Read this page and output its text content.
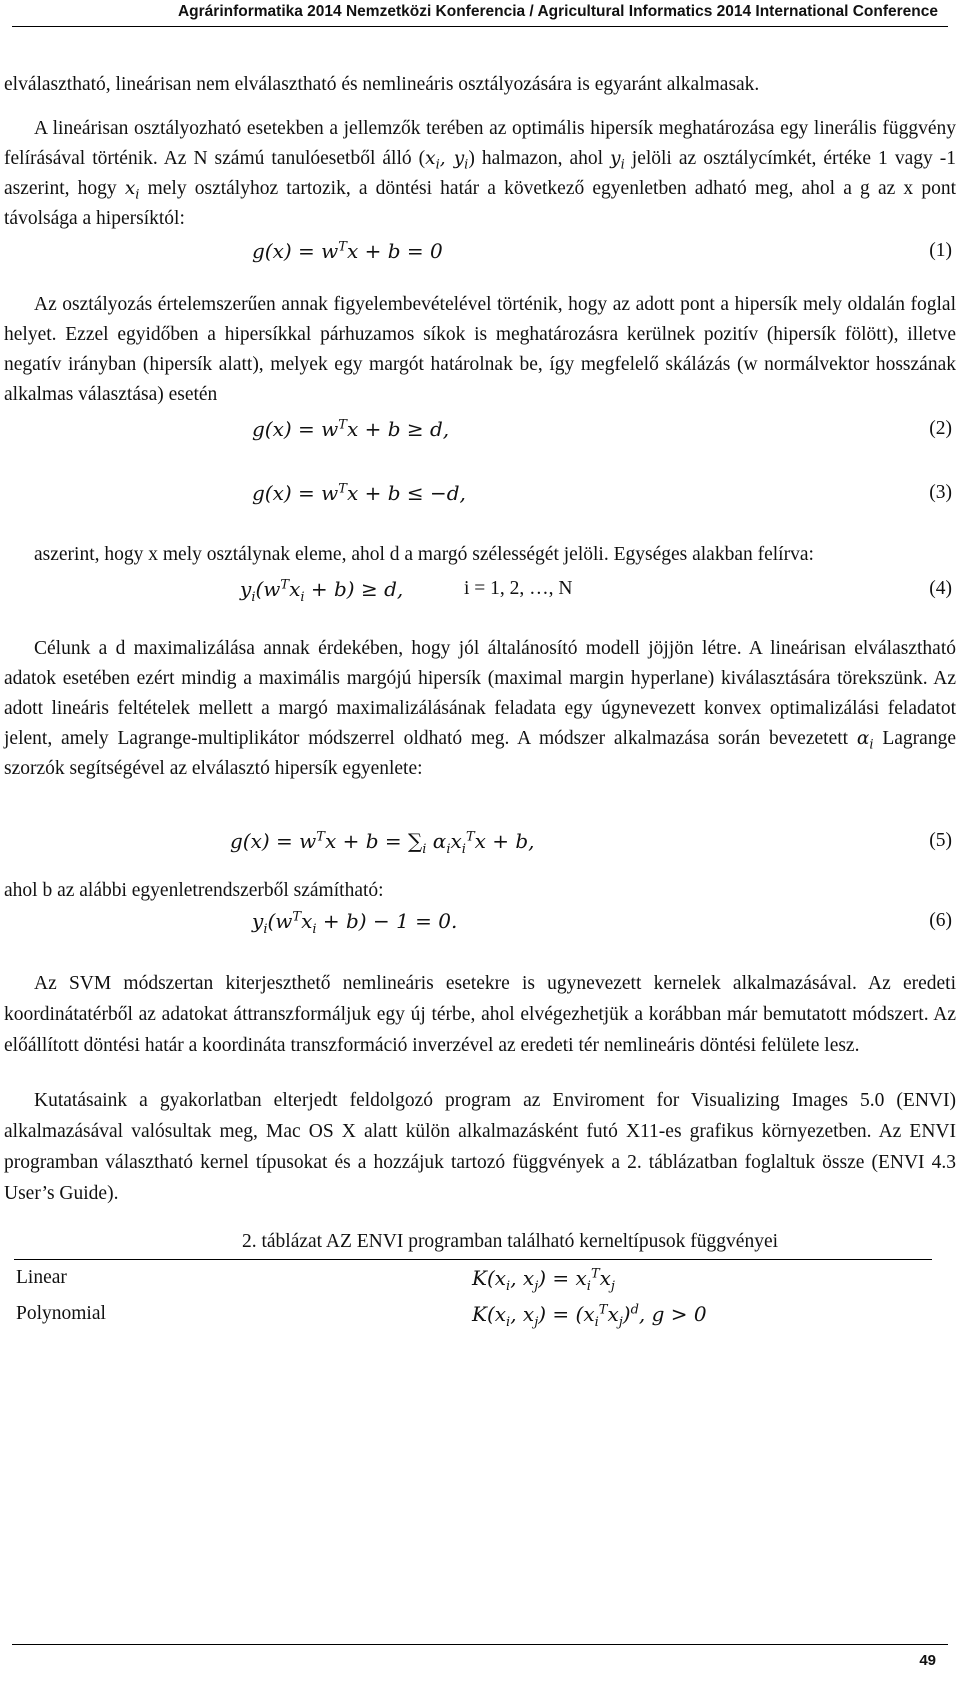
Agrárinformatika 2014 Nemzetközi Konferencia / Agricultural Informatics 2014 International Conference

elválasztható, lineárisan nem elválasztható és nemlineáris osztályozására is egyaránt alkalmasak.

A lineárisan osztályozható esetekben a jellemzők terében az optimális hipersík meghatározása egy linerális függvény felírásával történik. Az N számú tanulóesetből álló ($x_i$, $y_i$) halmazon, ahol $y_i$ jelöli az osztálycímkét, értéke 1 vagy -1 aszerint, hogy $x_i$ mely osztályhoz tartozik, a döntési határ a következő egyenletben adható meg, ahol a g az x pont távolsága a hipersíktól:

$g(x) = w^Tx + b = 0$	(1)

Az osztályozás értelemszerűen annak figyelembevételével történik, hogy az adott pont a hipersík mely oldalán foglal helyet. Ezzel egyidőben a hipersíkkal párhuzamos síkok is meghatározásra kerülnek pozitív (hipersík fölött), illetve negatív irányban (hipersík alatt), melyek egy margót határolnak be, így megfelelő skálázás (w normálvektor hosszának alkalmas választása) esetén

$g(x) = w^Tx + b \ge d$,	(2)
$g(x) = w^Tx + b \le -d$,	(3)

aszerint, hogy x mely osztálynak eleme, ahol d a margó szélességét jelöli. Egységes alakban felírva:

$y_i(w^Tx_i + b) \ge d$,	i = 1, 2, …, N	(4)

Célunk a d maximalizálása annak érdekében, hogy jól általánosító modell jöjjön létre. A lineárisan elválasztható adatok esetében ezért mindig a maximális margójú hipersík (maximal margin hyperlane) kiválasztására törekszünk. Az adott lineáris feltételek mellett a margó maximalizálásának feladata egy úgynevezett konvex optimalizálási feladatot jelent, amely Lagrange-multiplikátor módszerrel oldható meg. A módszer alkalmazása során bevezetett $\alpha_i$ Lagrange szorzók segítségével az elválasztó hipersík egyenlete:

$g(x) = w^Tx + b = \sum_i$ $\alpha_ix_i^Tx + b$,	(5)

ahol b az alábbi egyenletrendszerből számítható:

$y_i(w^Tx_i + b) - 1 = 0$.	(6)

Az SVM módszertan kiterjeszthető nemlineáris esetekre is ugynevezett kernelek alkalmazásával. Az eredeti koordinátatérből az adatokat áttranszformáljuk egy új térbe, ahol elvégezhetjük a korábban már bemutatott módszert. Az előállított döntési határ a koordináta transzformáció inverzével az eredeti tér nemlineáris döntési felülete lesz.

Kutatásaink a gyakorlatban elterjedt feldolgozó program az Enviroment for Visualizing Images 5.0 (ENVI) alkalmazásával valósultak meg, Mac OS X alatt külön alkalmazásként futó X11-es grafikus környezetben. Az ENVI programban választható kernel típusokat és a hozzájuk tartozó függvények a 2. táblázatban foglaltuk össze (ENVI 4.3 User’s Guide).

2. táblázat AZ ENVI programban található kerneltípusok függvényei
Linear	$K(x_i$, $x_j) = x_i^Tx_j$
Polynomial	$K(x_i$, $x_j) = (x_i^Tx_j)^d$, g > 0
49
